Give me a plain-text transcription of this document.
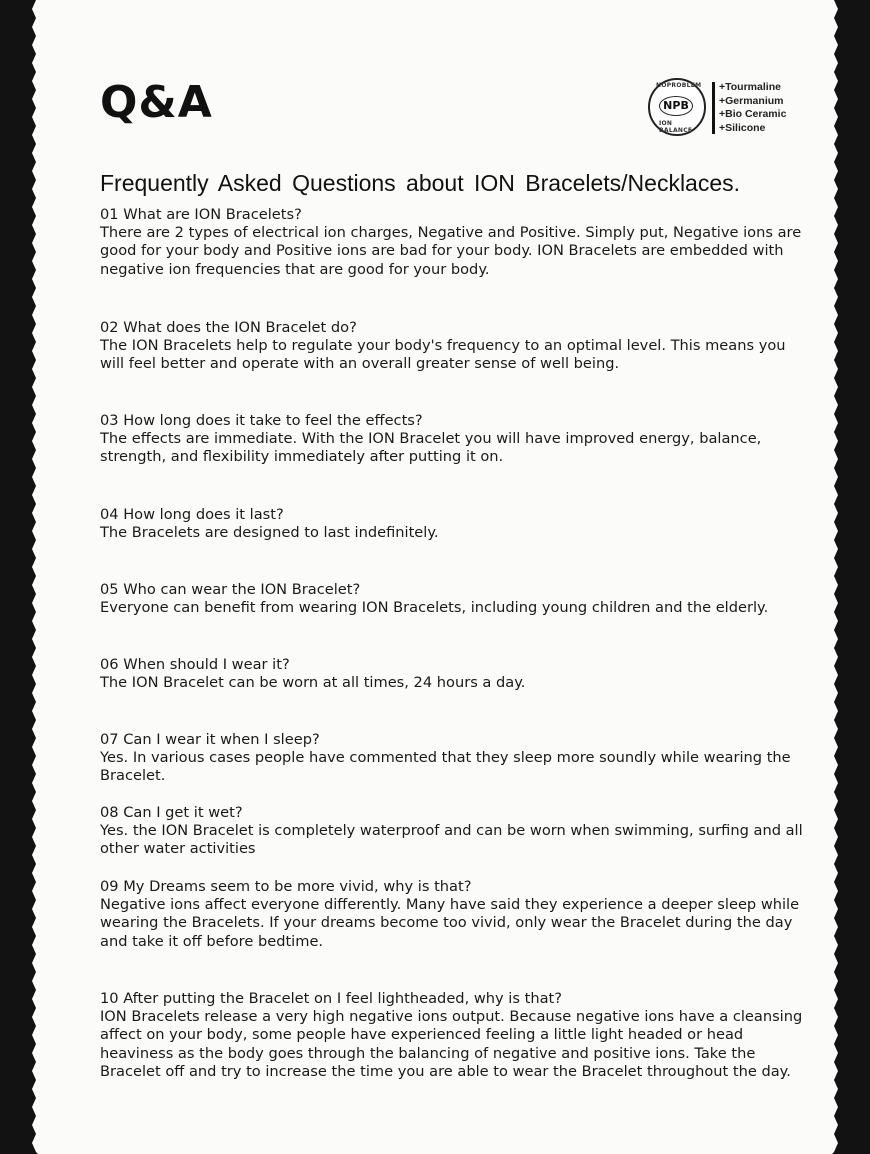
Q&A	NOPROBLEM
NPB
ION BALANCE
+Tourmaline
+Germanium
+Bio Ceramic
+Silicone
Frequently Asked Questions about ION Bracelets/Necklaces.

01 What are ION Bracelets?

There are 2 types of electrical ion charges, Negative and Positive. Simply put, Negative ions are good for your body and Positive ions are bad for your body. ION Bracelets are embedded with negative ion frequencies that are good for your body.

02 What does the ION Bracelet do?

The ION Bracelets help to regulate your body's frequency to an optimal level. This means you will feel better and operate with an overall greater sense of well being.

03 How long does it take to feel the effects?

The effects are immediate. With the ION Bracelet you will have improved energy, balance, strength, and flexibility immediately after putting it on.

04 How long does it last?

The Bracelets are designed to last indefinitely.

05 Who can wear the ION Bracelet?

Everyone can benefit from wearing ION Bracelets, including young children and the elderly.

06 When should I wear it?

The ION Bracelet can be worn at all times, 24 hours a day.

07 Can I wear it when I sleep?

Yes. In various cases people have commented that they sleep more soundly while wearing the Bracelet.

08 Can I get it wet?

Yes. the ION Bracelet is completely waterproof and can be worn when swimming, surfing and all other water activities

09 My Dreams seem to be more vivid, why is that?

Negative ions affect everyone differently. Many have said they experience a deeper sleep while wearing the Bracelets. If your dreams become too vivid, only wear the Bracelet during the day and take it off before bedtime.

10 After putting the Bracelet on I feel lightheaded, why is that?

ION Bracelets release a very high negative ions output. Because negative ions have a cleansing affect on your body, some people have experienced feeling a little light headed or head heaviness as the body goes through the balancing of negative and positive ions. Take the Bracelet off and try to increase the time you are able to wear the Bracelet throughout the day.
